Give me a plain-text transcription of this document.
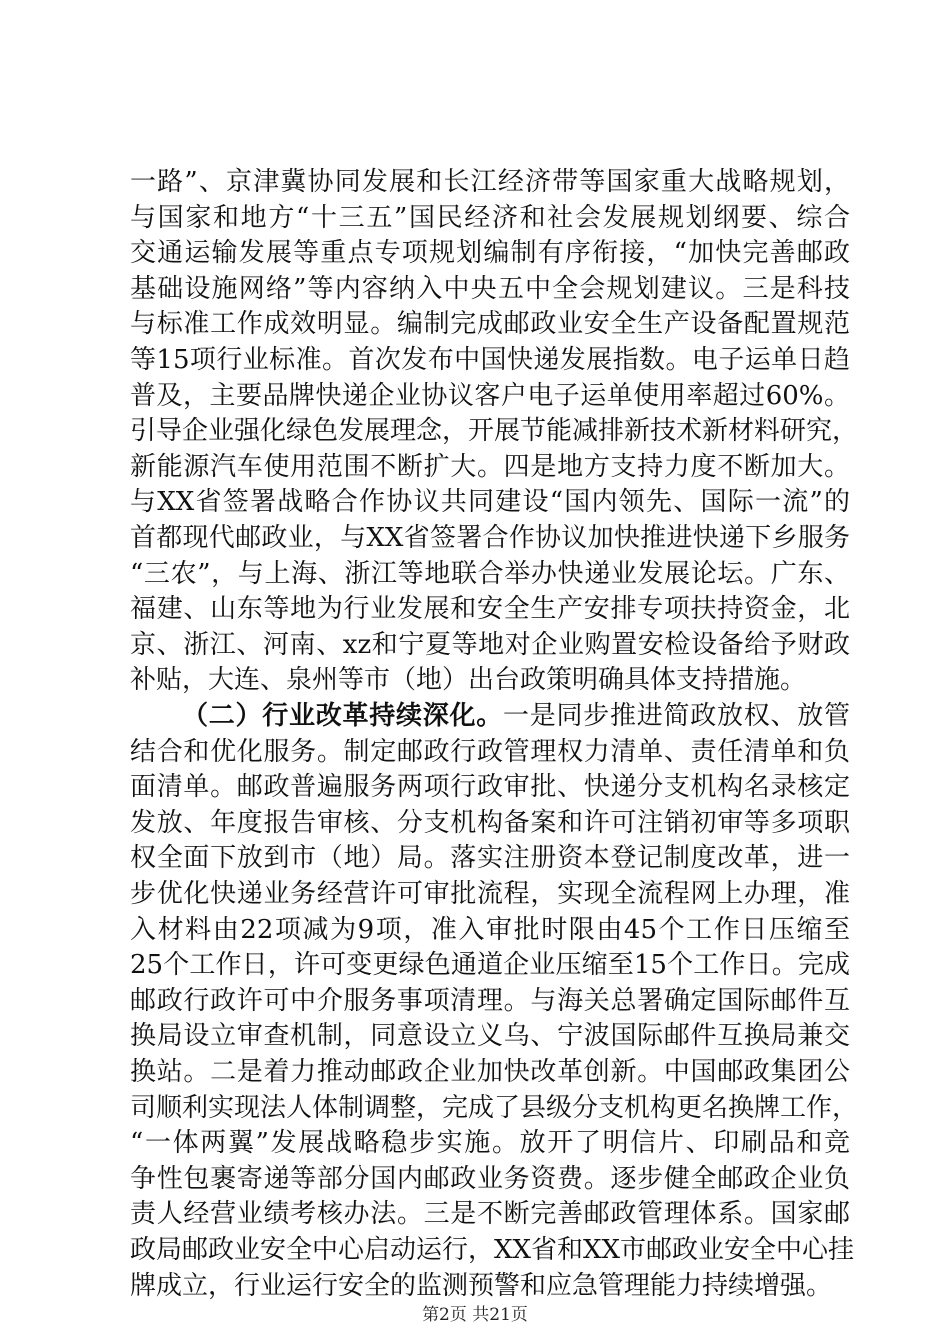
一路”、京津冀协同发展和长江经济带等国家重大战略规划，
与国家和地方“十三五”国民经济和社会发展规划纲要、综合
交通运输发展等重点专项规划编制有序衔接，“加快完善邮政
基础设施网络”等内容纳入中央五中全会规划建议。三是科技
与标准工作成效明显。编制完成邮政业安全生产设备配置规范
等15项行业标准。首次发布中国快递发展指数。电子运单日趋
普及，主要品牌快递企业协议客户电子运单使用率超过60%。
引导企业强化绿色发展理念，开展节能减排新技术新材料研究，
新能源汽车使用范围不断扩大。四是地方支持力度不断加大。
与XX省签署战略合作协议共同建设“国内领先、国际一流”的
首都现代邮政业，与XX省签署合作协议加快推进快递下乡服务
“三农”，与上海、浙江等地联合举办快递业发展论坛。广东、
福建、山东等地为行业发展和安全生产安排专项扶持资金，北
京、浙江、河南、xz和宁夏等地对企业购置安检设备给予财政
补贴，大连、泉州等市（地）出台政策明确具体支持措施。
（二）行业改革持续深化。一是同步推进简政放权、放管
结合和优化服务。制定邮政行政管理权力清单、责任清单和负
面清单。邮政普遍服务两项行政审批、快递分支机构名录核定
发放、年度报告审核、分支机构备案和许可注销初审等多项职
权全面下放到市（地）局。落实注册资本登记制度改革，进一
步优化快递业务经营许可审批流程，实现全流程网上办理，准
入材料由22项减为9项，准入审批时限由45个工作日压缩至
25个工作日，许可变更绿色通道企业压缩至15个工作日。完成
邮政行政许可中介服务事项清理。与海关总署确定国际邮件互
换局设立审查机制，同意设立义乌、宁波国际邮件互换局兼交
换站。二是着力推动邮政企业加快改革创新。中国邮政集团公
司顺利实现法人体制调整，完成了县级分支机构更名换牌工作，
“一体两翼”发展战略稳步实施。放开了明信片、印刷品和竞
争性包裹寄递等部分国内邮政业务资费。逐步健全邮政企业负
责人经营业绩考核办法。三是不断完善邮政管理体系。国家邮
政局邮政业安全中心启动运行，XX省和XX市邮政业安全中心挂
牌成立，行业运行安全的监测预警和应急管理能力持续增强。
第2页 共21页
